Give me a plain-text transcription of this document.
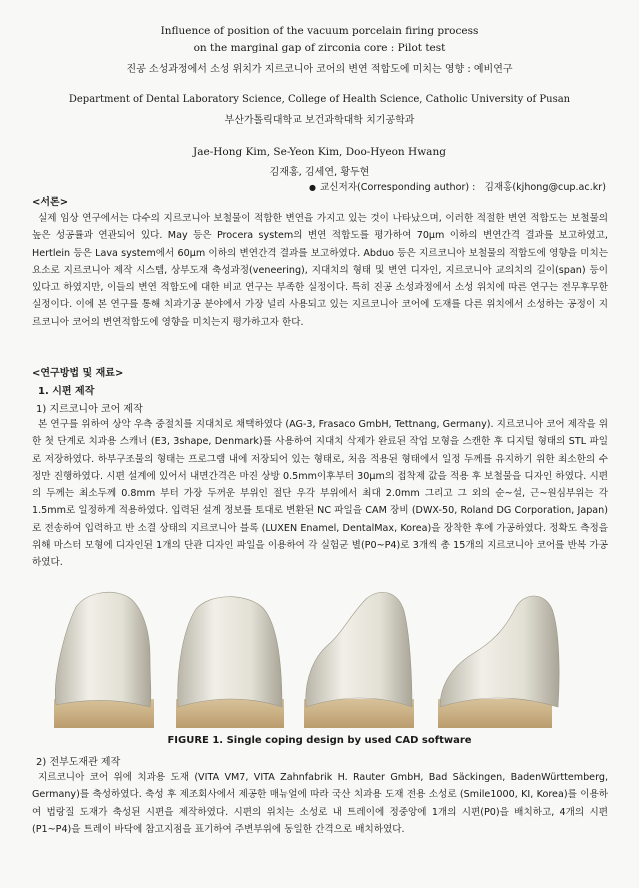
Influence of position of the vacuum porcelain firing process
on the marginal gap of zirconia core : Pilot test
진공 소성과정에서 소성 위치가 지르코니아 코어의 변연 적합도에 미치는 영향 : 예비연구
Department of Dental Laboratory Science, College of Health Science, Catholic University of Pusan
부산가톨릭대학교 보건과학대학 치기공학과
Jae-Hong Kim, Se-Yeon Kim, Doo-Hyeon Hwang
김재홍, 김세연, 황두현
● 교신저자(Corresponding author) : 김재홍(kjhong@cup.ac.kr)
<서론>

실제 임상 연구에서는 다수의 지르코니아 보철물이 적합한 변연을 가지고 있는 것이 나타났으며, 이러한 적절한 변연 적합도는 보철물의 높은 성공률과 연관되어 있다. May 등은 Procera system의 변연 적합도를 평가하여 70μm 이하의 변연간격 결과를 보고하였고, Hertlein 등은 Lava system에서 60μm 이하의 변연간격 결과를 보고하였다. Abduo 등은 지르코니아 보철물의 적합도에 영향을 미치는 요소로 지르코니아 제작 시스템, 상부도재 축성과정(veneering), 지대치의 형태 및 변연 디자인, 지르코니아 교의치의 길이(span) 등이 있다고 하였지만, 이들의 변연 적합도에 대한 비교 연구는 부족한 실정이다. 특히 진공 소성과정에서 소성 위치에 따른 연구는 전무후무한 실정이다. 이에 본 연구를 통해 치과기공 분야에서 가장 널리 사용되고 있는 지르코니아 코어에 도재를 다른 위치에서 소성하는 공정이 지르코니아 코어의 변연적합도에 영향을 미치는지 평가하고자 한다.

<연구방법 및 재료>
1. 시편 제작
1) 지르코니아 코어 제작

본 연구를 위하여 상악 우측 중절치를 지대치로 채택하였다 (AG-3, Frasaco GmbH, Tettnang, Germany). 지르코니아 코어 제작을 위한 첫 단계로 치과용 스캐너 (E3, 3shape, Denmark)를 사용하여 지대치 삭제가 완료된 작업 모형을 스캔한 후 디지털 형태의 STL 파일로 저장하였다. 하부구조물의 형태는 프로그램 내에 저장되어 있는 형태로, 처음 적용된 형태에서 일정 두께를 유지하기 위한 최소한의 수정만 진행하였다. 시편 설계에 있어서 내면간격은 마진 상방 0.5mm이후부터 30μm의 접착제 값을 적용 후 보철물을 디자인 하였다. 시편의 두께는 최소두께 0.8mm 부터 가장 두꺼운 부위인 절단 우각 부위에서 최대 2.0mm 그리고 그 외의 순~설, 근~원심부위는 각 1.5mm로 일정하게 적용하였다. 입력된 설계 정보를 토대로 변환된 NC 파일을 CAM 장비 (DWX-50, Roland DG Corporation, Japan)로 전송하여 입력하고 반 소결 상태의 지르코니아 블록 (LUXEN Enamel, DentalMax, Korea)을 장착한 후에 가공하였다. 정확도 측정을 위해 마스터 모형에 디자인된 1개의 단관 디자인 파일을 이용하여 각 실험군 별(P0~P4)로 3개씩 총 15개의 지르코니아 코어를 반복 가공하였다.

FIGURE 1. Single coping design by used CAD software
2) 전부도재관 제작

지르코니아 코어 위에 치과용 도재 (VITA VM7, VITA Zahnfabrik H. Rauter GmbH, Bad Säckingen, BadenWürttemberg, Germany)를 축성하였다. 축성 후 제조회사에서 제공한 매뉴얼에 따라 국산 치과용 도재 전용 소성로 (Smile1000, KI, Korea)를 이용하여 법랑질 도재가 축성된 시편을 제작하였다. 시편의 위치는 소성로 내 트레이에 정중앙에 1개의 시편(P0)을 배치하고, 4개의 시편(P1~P4)을 트레이 바닥에 참고지점을 표기하여 주변부위에 동일한 간격으로 배치하였다.
